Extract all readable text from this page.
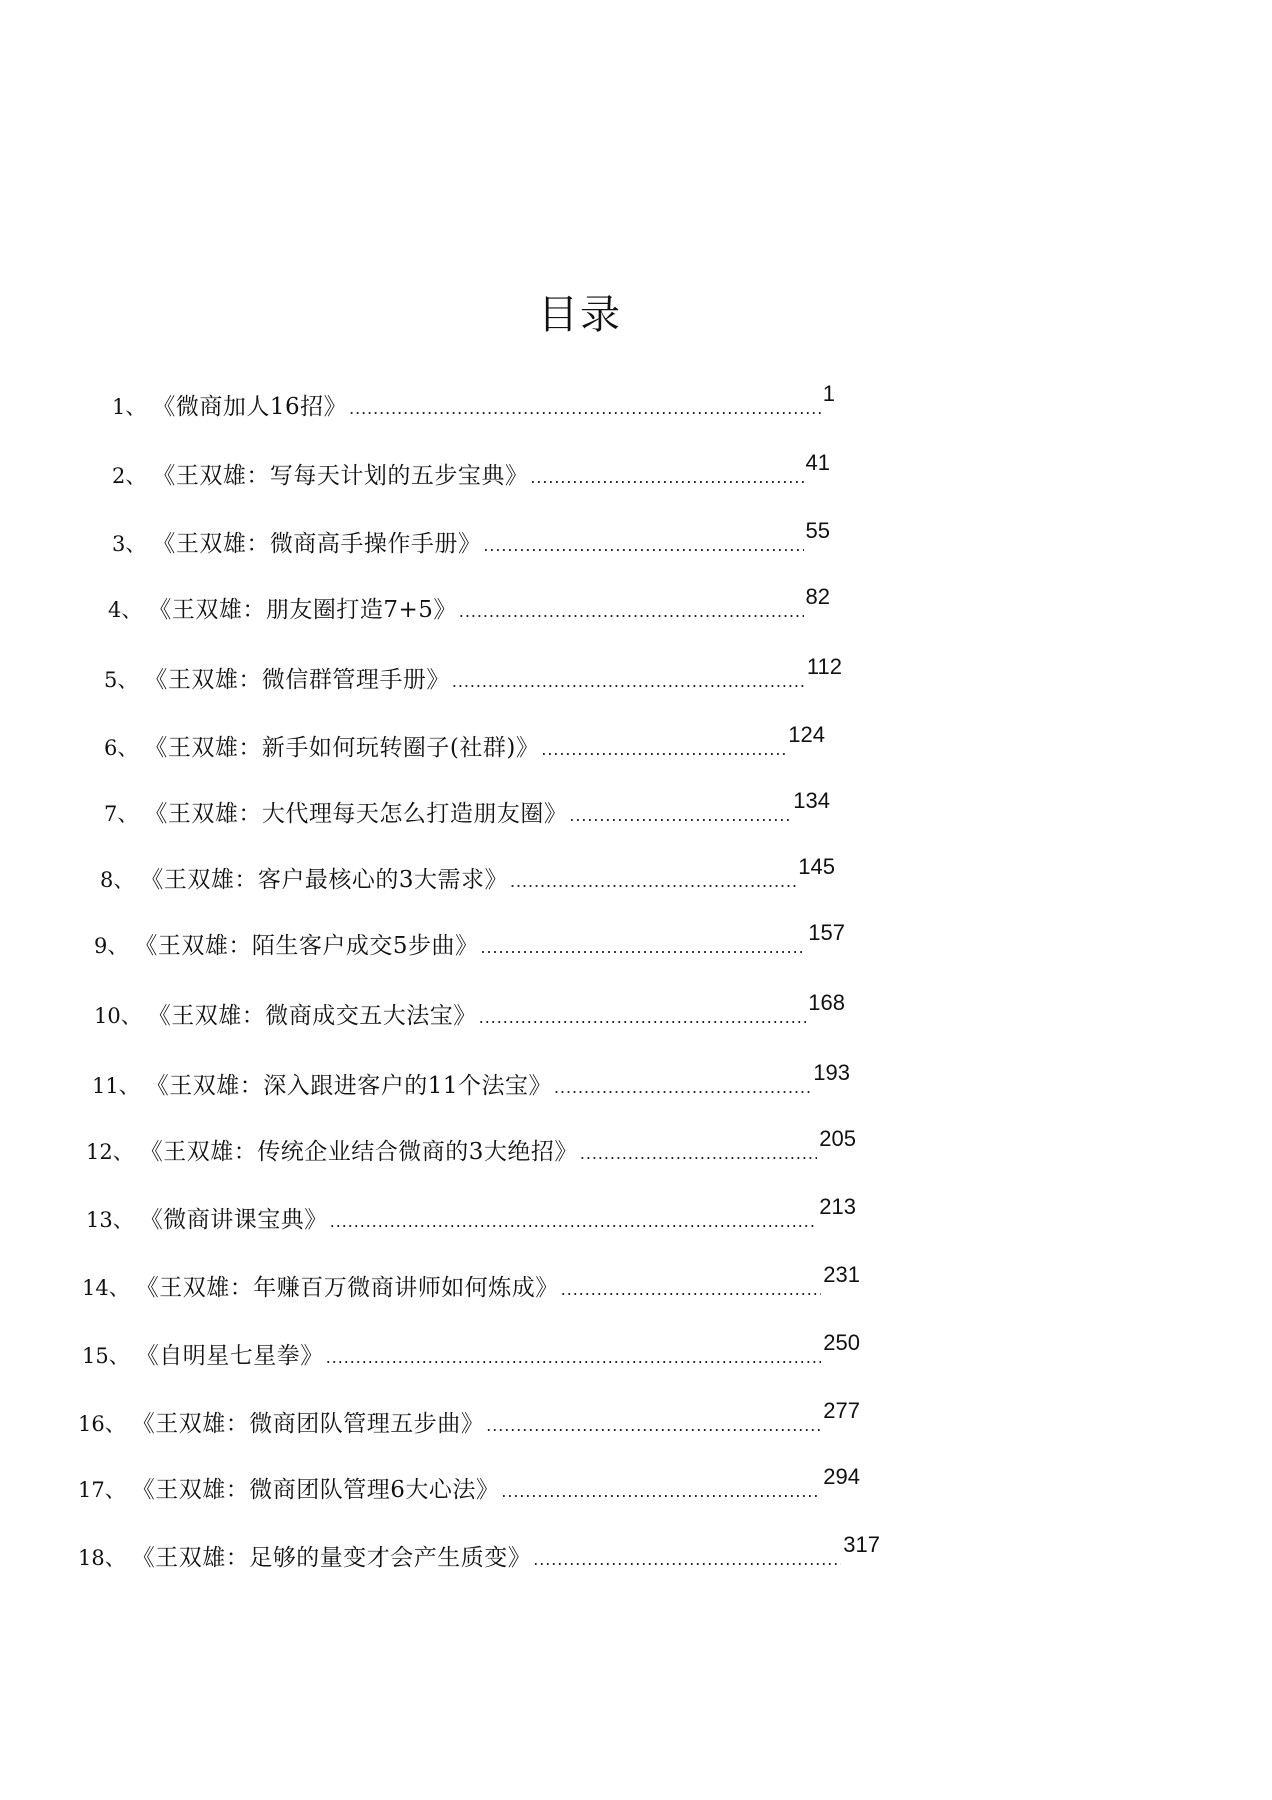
目录
1、 《微商加人16招》
.....
1
2、 《王双雄：写每天计划的五步宝典》
.....
41
3、 《王双雄：微商高手操作手册》
.....
55
4、 《王双雄：朋友圈打造7+5》
.....
82
5、 《王双雄：微信群管理手册》
.....
112
6、 《王双雄：新手如何玩转圈子(社群)》
.....
124
7、 《王双雄：大代理每天怎么打造朋友圈》
.....
134
8、 《王双雄：客户最核心的3大需求》
.....
145
9、 《王双雄：陌生客户成交5步曲》
.....
157
10、 《王双雄：微商成交五大法宝》
.....
168
11、 《王双雄：深入跟进客户的11个法宝》
.....
193
12、 《王双雄：传统企业结合微商的3大绝招》
.....
205
13、 《微商讲课宝典》
.....
213
14、 《王双雄：年赚百万微商讲师如何炼成》
.....
231
15、 《自明星七星拳》
.....
250
16、 《王双雄：微商团队管理五步曲》
.....
277
17、 《王双雄：微商团队管理6大心法》
.....
294
18、 《王双雄：足够的量变才会产生质变》
.....
317
